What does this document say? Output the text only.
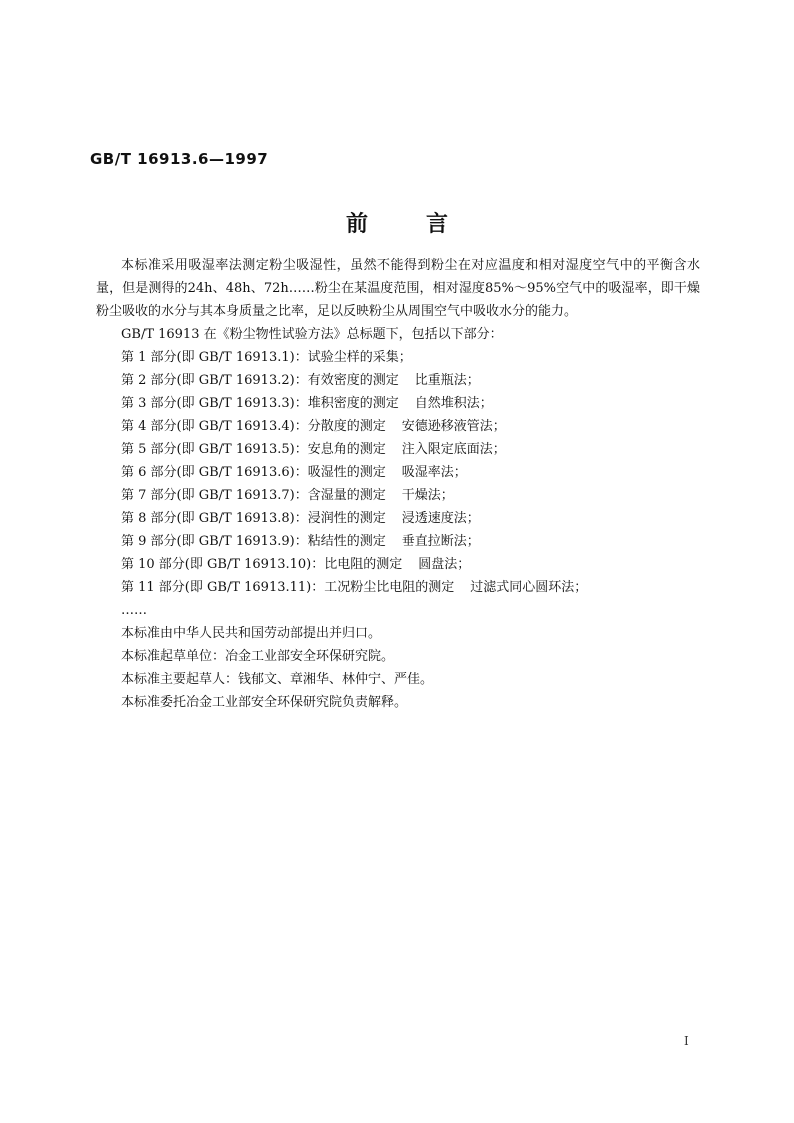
GB/T 16913.6—1997
前言

本标准采用吸湿率法测定粉尘吸湿性，虽然不能得到粉尘在对应温度和相对湿度空气中的平衡含水量，但是测得的24h、48h、72h……粉尘在某温度范围，相对湿度85%～95%空气中的吸湿率，即干燥粉尘吸收的水分与其本身质量之比率，足以反映粉尘从周围空气中吸收水分的能力。

GB/T 16913 在《粉尘物性试验方法》总标题下，包括以下部分：
第 1 部分(即 GB/T 16913.1)：试验尘样的采集；
第 2 部分(即 GB/T 16913.2)：有效密度的测定 比重瓶法；
第 3 部分(即 GB/T 16913.3)：堆积密度的测定 自然堆积法；
第 4 部分(即 GB/T 16913.4)：分散度的测定 安德逊移液管法；
第 5 部分(即 GB/T 16913.5)：安息角的测定 注入限定底面法；
第 6 部分(即 GB/T 16913.6)：吸湿性的测定 吸湿率法；
第 7 部分(即 GB/T 16913.7)：含湿量的测定 干燥法；
第 8 部分(即 GB/T 16913.8)：浸润性的测定 浸透速度法；
第 9 部分(即 GB/T 16913.9)：粘结性的测定 垂直拉断法；
第 10 部分(即 GB/T 16913.10)：比电阻的测定 圆盘法；
第 11 部分(即 GB/T 16913.11)：工况粉尘比电阻的测定 过滤式同心圆环法；
……
本标准由中华人民共和国劳动部提出并归口。
本标准起草单位：冶金工业部安全环保研究院。
本标准主要起草人：钱郁文、章湘华、林仲宁、严佳。
本标准委托冶金工业部安全环保研究院负责解释。
I
